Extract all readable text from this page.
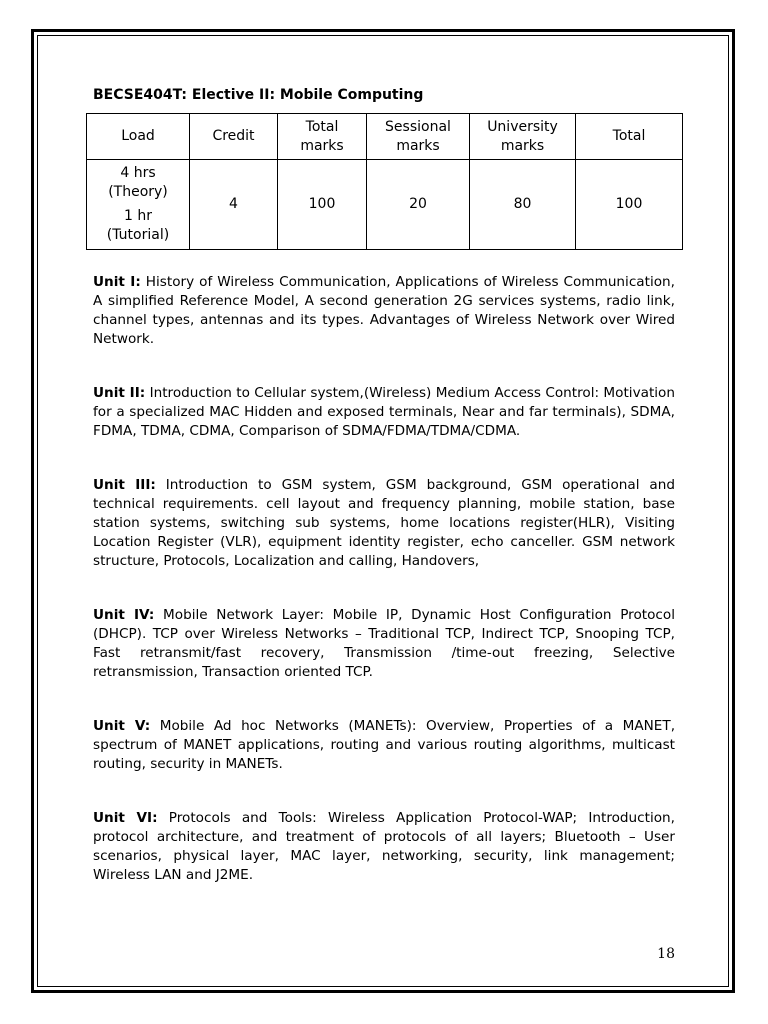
BECSE404T: Elective II: Mobile Computing
Load	Credit	Total marks	Sessional marks	University marks	Total

4 hrs
(Theory)
1 hr
(Tutorial)	4	100	20	80	100

Unit I: History of Wireless Communication, Applications of Wireless Communication, A simplified Reference Model, A second generation 2G services systems, radio link, channel types, antennas and its types. Advantages of Wireless Network over Wired Network.

Unit II: Introduction to Cellular system,(Wireless) Medium Access Control: Motivation for a specialized MAC Hidden and exposed terminals, Near and far terminals), SDMA, FDMA, TDMA, CDMA, Comparison of SDMA/FDMA/TDMA/CDMA.

Unit III: Introduction to GSM system, GSM background, GSM operational and technical requirements. cell layout and frequency planning, mobile station, base station systems, switching sub systems, home locations register(HLR), Visiting Location Register (VLR), equipment identity register, echo canceller. GSM network structure, Protocols, Localization and calling, Handovers,

Unit IV: Mobile Network Layer: Mobile IP, Dynamic Host Configuration Protocol (DHCP). TCP over Wireless Networks – Traditional TCP, Indirect TCP, Snooping TCP, Fast retransmit/fast recovery, Transmission /time-out freezing, Selective retransmission, Transaction oriented TCP.

Unit V: Mobile Ad hoc Networks (MANETs): Overview, Properties of a MANET, spectrum of MANET applications, routing and various routing algorithms, multicast routing, security in MANETs.

Unit VI: Protocols and Tools: Wireless Application Protocol-WAP; Introduction, protocol architecture, and treatment of protocols of all layers; Bluetooth – User scenarios, physical layer, MAC layer, networking, security, link management; Wireless LAN and J2ME.

18
